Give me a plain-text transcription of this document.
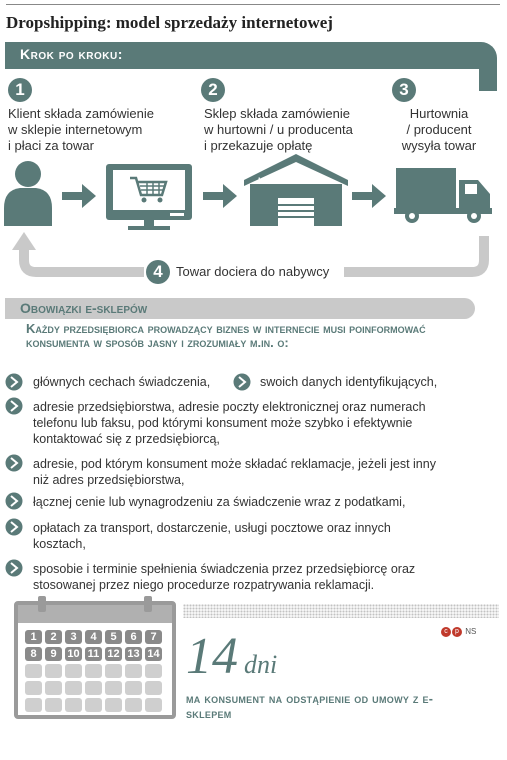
Dropshipping: model sprzedaży internetowej
Krok po kroku:
1	2	3
Klient składa zamówienie
w sklepie internetowym
i płaci za towar
Sklep składa zamówienie
w hurtowni / u producenta
i przekazuje opłatę
Hurtownia
/ producent
wysyła towar
HURTOWNIA
4	Towar dociera do nabywcy
Obowiązki e-sklepów
Każdy przedsiębiorca prowadzący biznes w internecie musi poinformować konsumenta w sposób jasny i zrozumiały m.in. o:
głównych cechach świadczenia,	swoich danych identyfikujących,
adresie przedsiębiorstwa, adresie poczty elektronicznej oraz numerach telefonu lub faksu, pod którymi konsument może szybko i efektywnie kontaktować się z przedsiębiorcą,
adresie, pod którym konsument może składać reklamacje, jeżeli jest inny niż adres przedsiębiorstwa,
łącznej cenie lub wynagrodzeniu za świadczenie wraz z podatkami,
opłatach za transport, dostarczenie, usługi pocztowe oraz innych kosztach,
sposobie i terminie spełnienia świadczenia przez przedsiębiorcę oraz stosowanej przez niego procedurze rozpatrywania reklamacji.
1	2	3	4	5	6	7
8	9 10 11 12 13 14 14 dni
ma konsument na odstąpienie od umowy z e-sklepem
c p NS
